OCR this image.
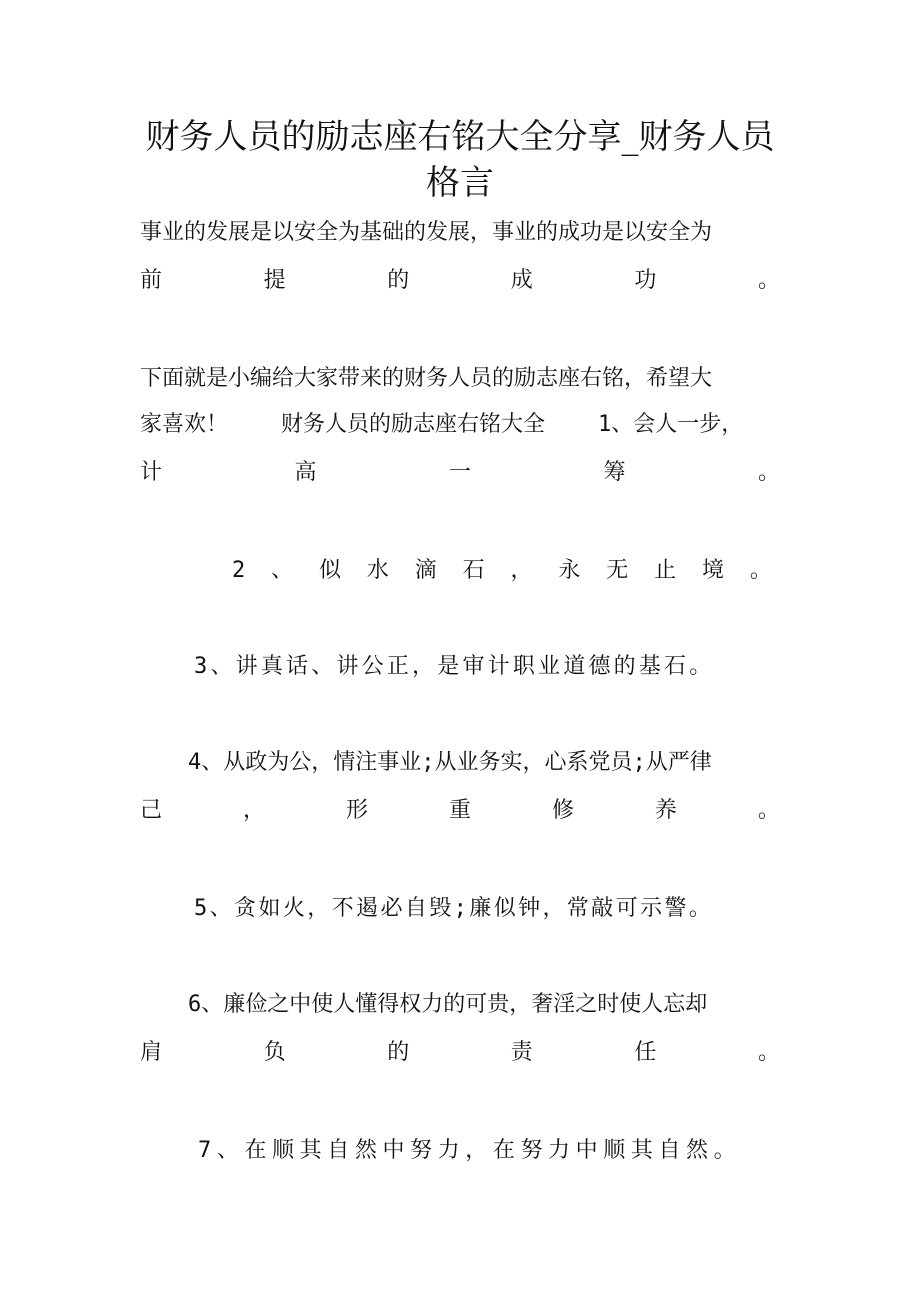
财务人员的励志座右铭大全分享_财务人员
格言
事业的发展是以安全为基础的发展，事业的成功是以安全为
前	提	的	成	功	。
下面就是小编给大家带来的财务人员的励志座右铭，希望大
家喜欢！    财务人员的励志座右铭大全    1、会人一步，
计	高	一	筹	。
2 、 似 水 滴 石 ， 永 无 止 境 。
3、讲真话、讲公正，是审计职业道德的基石。
4、从政为公，情注事业;从业务实，心系党员;从严律
己	，	形	重	修	养	。
5、贪如火，不遏必自毁;廉似钟，常敲可示警。
6、廉俭之中使人懂得权力的可贵，奢淫之时使人忘却
肩	负	的	责	任	。
7、在顺其自然中努力，在努力中顺其自然。
